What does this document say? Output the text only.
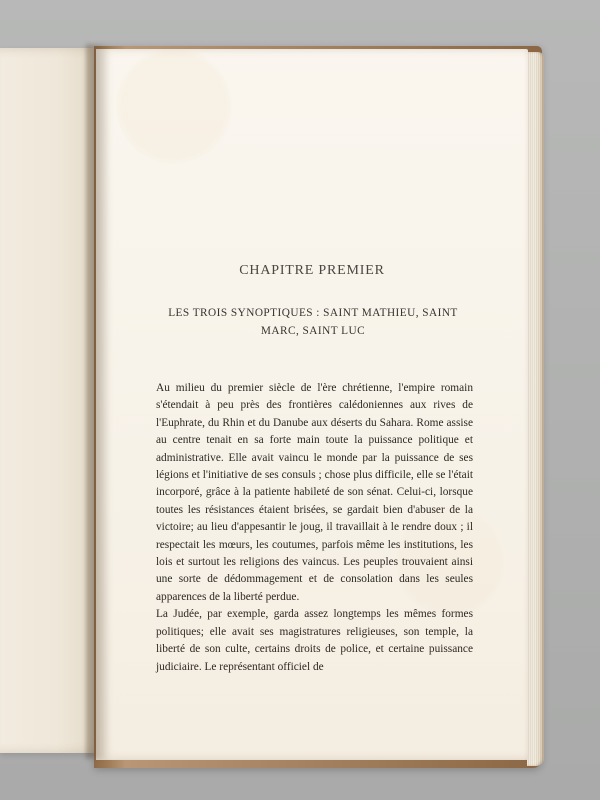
CHAPITRE PREMIER
LES TROIS SYNOPTIQUES : SAINT MATHIEU, SAINT MARC, SAINT LUC

Au milieu du premier siècle de l'ère chrétienne, l'empire romain s'étendait à peu près des frontières calédoniennes aux rives de l'Euphrate, du Rhin et du Danube aux déserts du Sahara. Rome assise au centre tenait en sa forte main toute la puissance politique et administrative. Elle avait vaincu le monde par la puissance de ses légions et l'initiative de ses consuls ; chose plus difficile, elle se l'était incorporé, grâce à la patiente habileté de son sénat. Celui-ci, lorsque toutes les résistances étaient brisées, se gardait bien d'abuser de la victoire; au lieu d'appesantir le joug, il travaillait à le rendre doux ; il respectait les mœurs, les coutumes, parfois même les institutions, les lois et surtout les religions des vaincus. Les peuples trouvaient ainsi une sorte de dédommagement et de consolation dans les seules apparences de la liberté perdue.

La Judée, par exemple, garda assez longtemps les mêmes formes politiques; elle avait ses magistratures religieuses, son temple, la liberté de son culte, certains droits de police, et certaine puissance judiciaire. Le représentant officiel de
